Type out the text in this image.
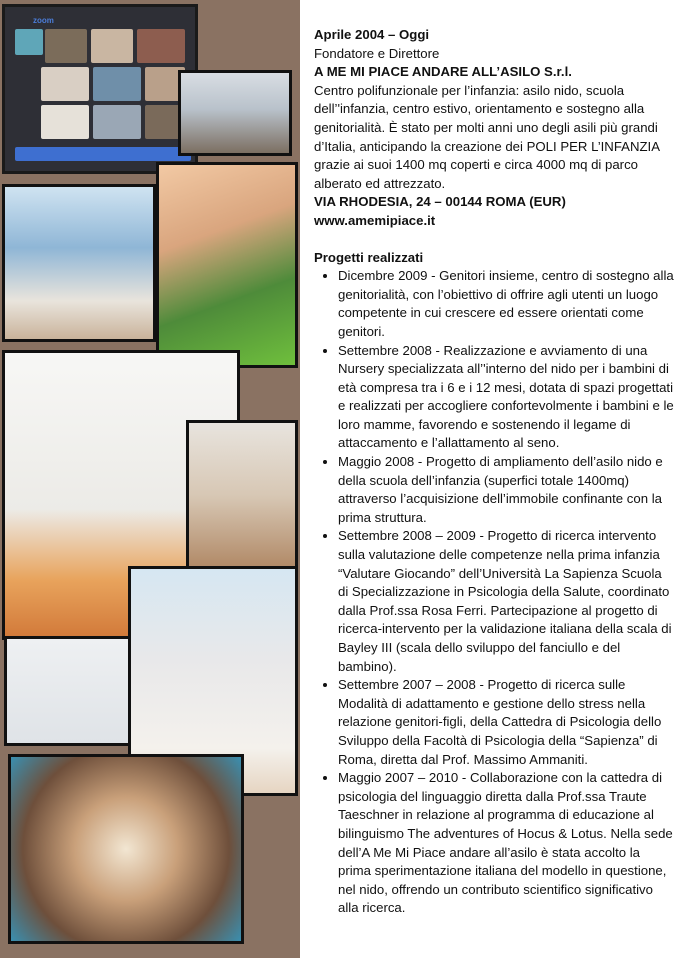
zoom

Aprile 2004 – Oggi

Fondatore e Direttore

A ME MI PIACE ANDARE ALL’ASILO S.r.l.

Centro polifunzionale per l’infanzia: asilo nido, scuola dell’'infanzia, centro estivo, orientamento e sostegno alla genitorialità. È stato per molti anni uno degli asili più grandi d’Italia, anticipando la creazione dei POLI PER L’INFANZIA grazie ai suoi 1400 mq coperti e circa 4000 mq di parco alberato ed attrezzato.

VIA RHODESIA, 24 – 00144 ROMA (EUR)

www.amemipiace.it

Progetti realizzati

• Dicembre 2009 - Genitori insieme, centro di sostegno alla genitorialità, con l’obiettivo di offrire agli utenti un luogo competente in cui crescere ed essere orientati come genitori.
• Settembre 2008 - Realizzazione e avviamento di una Nursery specializzata all’'interno del nido per i bambini di età compresa tra i 6 e i 12 mesi, dotata di spazi progettati e realizzati per accogliere confortevolmente i bambini e le loro mamme, favorendo e sostenendo il legame di attaccamento e l’allattamento al seno.
• Maggio 2008 - Progetto di ampliamento dell’asilo nido e della scuola dell’infanzia (superfici totale 1400mq) attraverso l’acquisizione dell’immobile confinante con la prima struttura.
• Settembre 2008 – 2009 - Progetto di ricerca intervento sulla valutazione delle competenze nella prima infanzia “Valutare Giocando” dell’Università La Sapienza Scuola di Specializzazione in Psicologia della Salute, coordinato dalla Prof.ssa Rosa Ferri. Partecipazione al progetto di ricerca-intervento per la validazione italiana della scala di Bayley III (scala dello sviluppo del fanciullo e del bambino).
• Settembre 2007 – 2008 - Progetto di ricerca sulle Modalità di adattamento e gestione dello stress nella relazione genitori-figli, della Cattedra di Psicologia dello Sviluppo della Facoltà di Psicologia della “Sapienza” di Roma, diretta dal Prof. Massimo Ammaniti.
• Maggio 2007 – 2010 - Collaborazione con la cattedra di psicologia del linguaggio diretta dalla Prof.ssa Traute Taeschner in relazione al programma di educazione al bilinguismo The adventures of Hocus & Lotus. Nella sede dell’A Me Mi Piace andare all’asilo è stata accolto la prima sperimentazione italiana del modello in questione, nel nido, offrendo un contributo scientifico significativo alla ricerca.
